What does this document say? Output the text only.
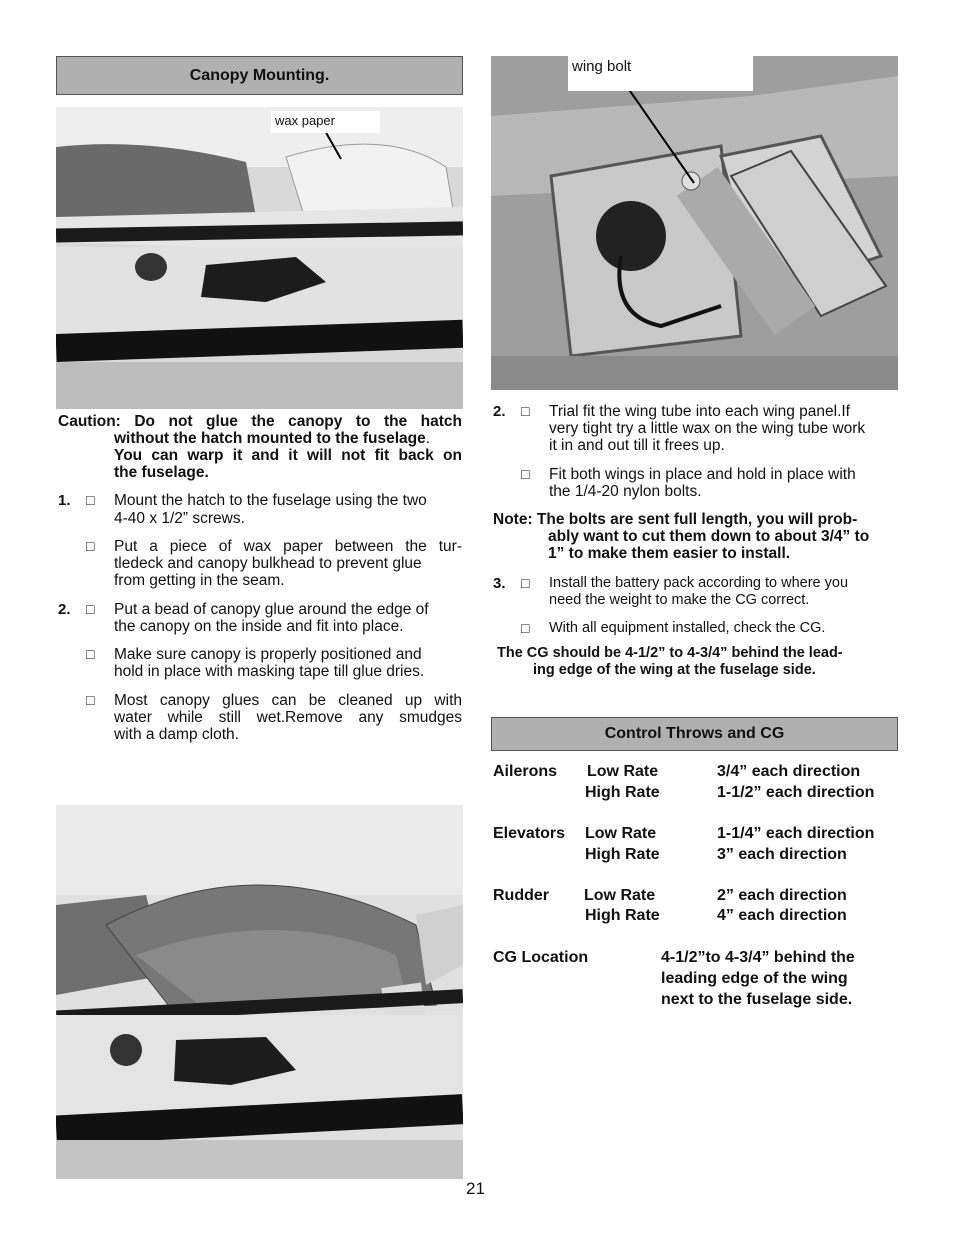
Canopy Mounting.
wax paper
Caution: Do not glue the canopy to the hatch
without the hatch mounted to the fuselage.
You can warp it and it will not fit back on
the fuselage.
1. □ Mount the hatch to the fuselage using the two
4-40 x 1/2” screws.
□ Put a piece of wax paper between the tur-
tledeck and canopy bulkhead to prevent glue
from getting in the seam.
2. □ Put a bead of canopy glue around the edge of
the canopy on the inside and fit into place.
□ Make sure canopy is properly positioned and
hold in place with masking tape till glue dries.
□ Most canopy glues can be cleaned up with
water while still wet.Remove any smudges
with a damp cloth.
wing bolt
2. □ Trial fit the wing tube into each wing panel.If
very tight try a little wax on the wing tube work
it in and out till it frees up.
□ Fit both wings in place and hold in place with
the 1/4-20 nylon bolts.
Note: The bolts are sent full length, you will prob-
ably want to cut them down to about 3/4” to
1” to make them easier to install.
3. □ Install the battery pack according to where you
need the weight to make the CG correct.
□ With all equipment installed, check the CG.
The CG should be 4-1/2” to 4-3/4” behind the lead-
ing edge of the wing at the fuselage side.
Control Throws and CG
Ailerons Low Rate	3/4” each direction
High Rate	1-1/2” each direction
Elevators Low Rate	1-1/4” each direction
High Rate	3” each direction
Rudder Low Rate	2” each direction
High Rate	4” each direction
CG Location	4-1/2”to 4-3/4” behind the
leading edge of the wing
next to the fuselage side.
21
